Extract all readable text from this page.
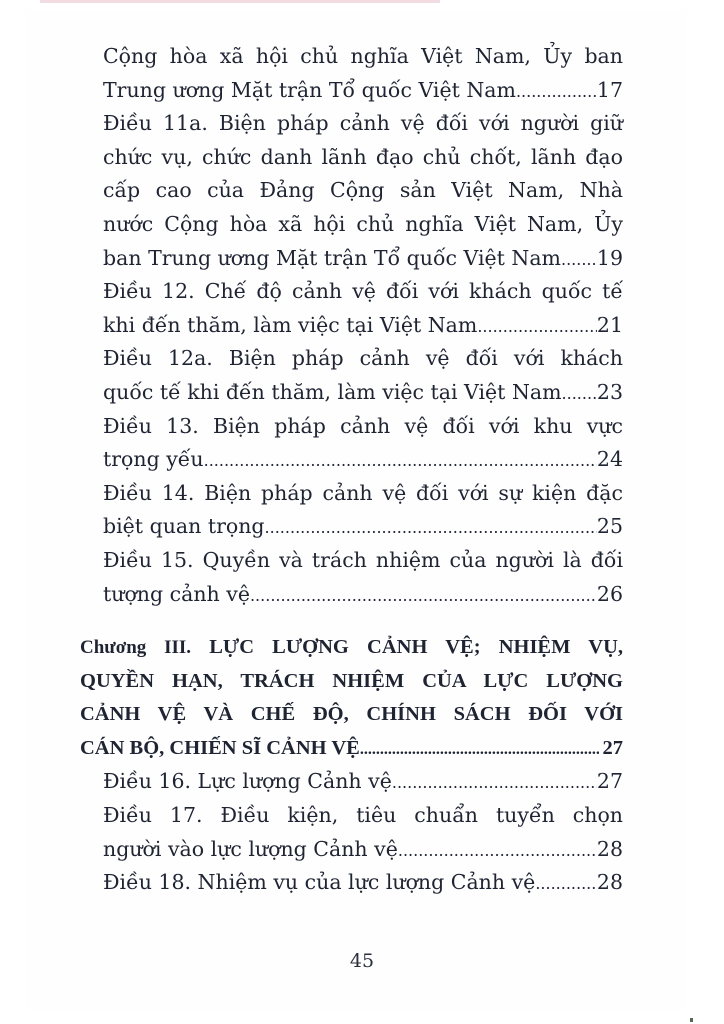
Cộng hòa xã hội chủ nghĩa Việt Nam, Ủy ban
Trung ương Mặt trận Tổ quốc Việt Nam .....	17
Điều 11a. Biện pháp cảnh vệ đối với người giữ
chức vụ, chức danh lãnh đạo chủ chốt, lãnh đạo
cấp cao của Đảng Cộng sản Việt Nam, Nhà
nước Cộng hòa xã hội chủ nghĩa Việt Nam, Ủy
ban Trung ương Mặt trận Tổ quốc Việt Nam ..... 19
Điều 12. Chế độ cảnh vệ đối với khách quốc tế
khi đến thăm, làm việc tại Việt Nam .....	21
Điều 12a. Biện pháp cảnh vệ đối với khách
quốc tế khi đến thăm, làm việc tại Việt Nam ..... 23
Điều 13. Biện pháp cảnh vệ đối với khu vực
trọng yếu .....	24
Điều 14. Biện pháp cảnh vệ đối với sự kiện đặc
biệt quan trọng .....	25
Điều 15. Quyền và trách nhiệm của người là đối
tượng cảnh vệ .....	26
Chương III. LỰC LƯỢNG CẢNH VỆ; NHIỆM VỤ,
QUYỀN HẠN, TRÁCH NHIỆM CỦA LỰC LƯỢNG
CẢNH VỆ VÀ CHẾ ĐỘ, CHÍNH SÁCH ĐỐI VỚI
CÁN BỘ, CHIẾN SĨ CẢNH VỆ .....	27
Điều 16. Lực lượng Cảnh vệ .....	27
Điều 17. Điều kiện, tiêu chuẩn tuyển chọn
người vào lực lượng Cảnh vệ .....	28
Điều 18. Nhiệm vụ của lực lượng Cảnh vệ .....	28
45
